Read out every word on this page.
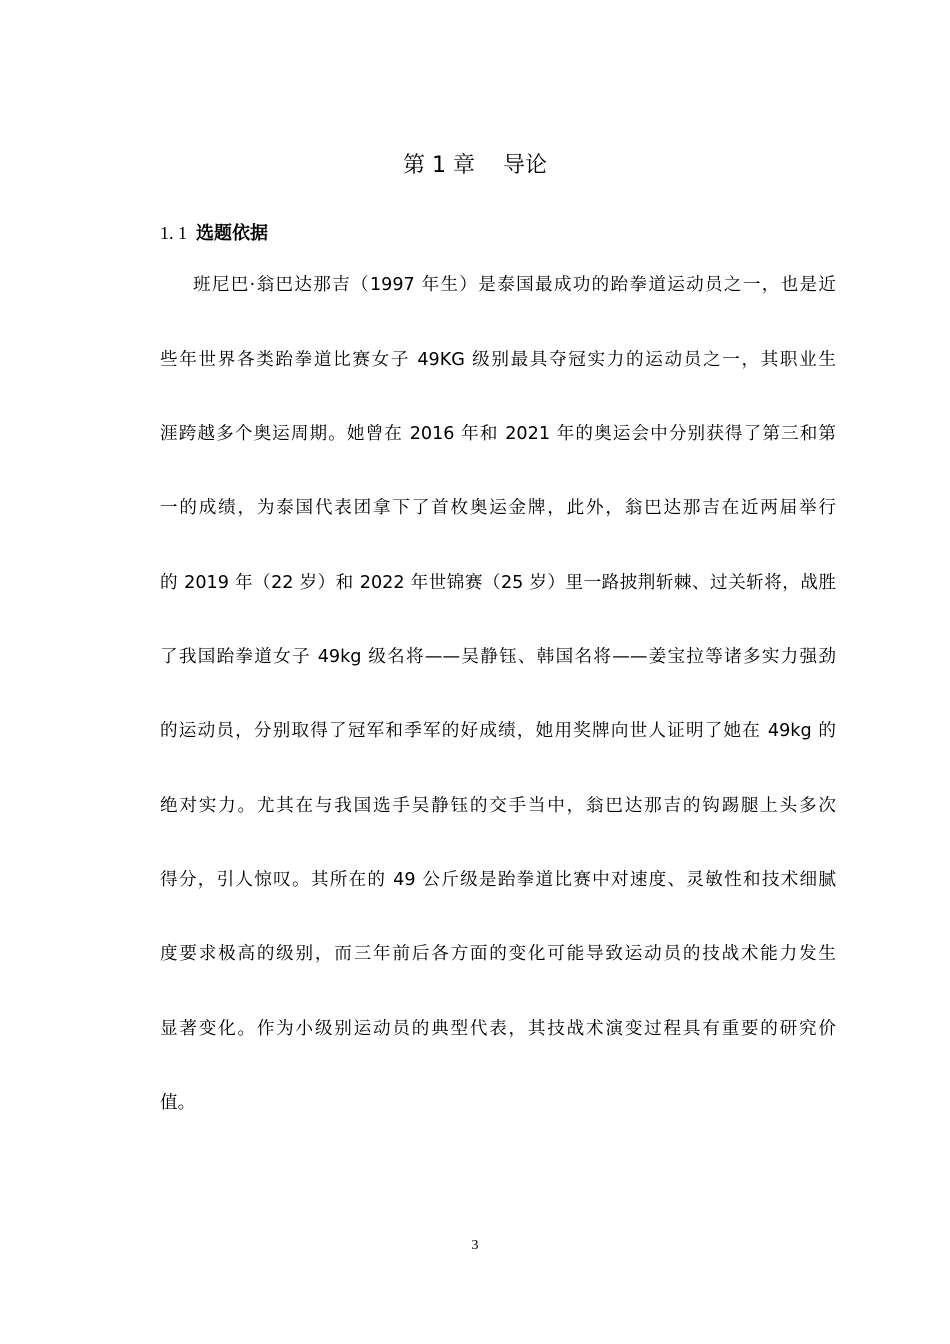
第 1 章    导论
1. 1 选题依据
班尼巴·翁巴达那吉（1997 年生）是泰国最成功的跆拳道运动员之一，也是近
些年世界各类跆拳道比赛女子 49KG 级别最具夺冠实力的运动员之一，其职业生
涯跨越多个奥运周期。她曾在 2016 年和 2021 年的奥运会中分别获得了第三和第
一的成绩，为泰国代表团拿下了首枚奥运金牌，此外，翁巴达那吉在近两届举行
的 2019 年（22 岁）和 2022 年世锦赛（25 岁）里一路披荆斩棘、过关斩将，战胜
了我国跆拳道女子 49kg 级名将——吴静钰、韩国名将——姜宝拉等诸多实力强劲
的运动员，分别取得了冠军和季军的好成绩，她用奖牌向世人证明了她在 49kg 的
绝对实力。尤其在与我国选手吴静钰的交手当中，翁巴达那吉的钩踢腿上头多次
得分，引人惊叹。其所在的 49 公斤级是跆拳道比赛中对速度、灵敏性和技术细腻
度要求极高的级别，而三年前后各方面的变化可能导致运动员的技战术能力发生
显著变化。作为小级别运动员的典型代表，其技战术演变过程具有重要的研究价
值。
3
